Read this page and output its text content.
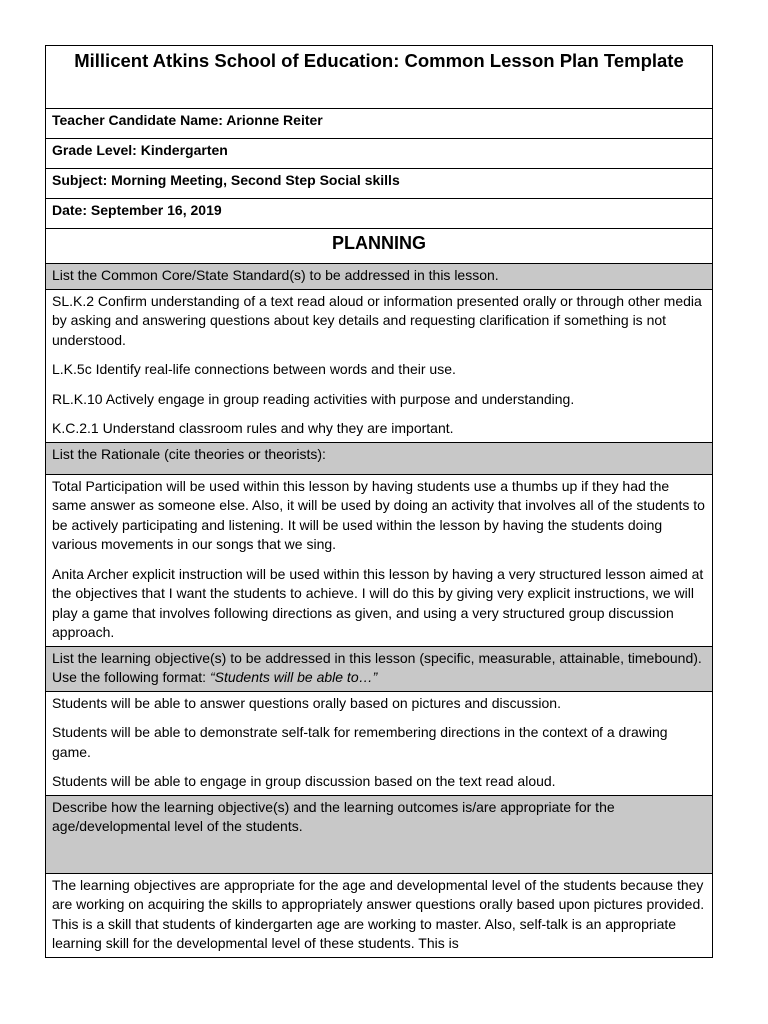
Millicent Atkins School of Education: Common Lesson Plan Template
Teacher Candidate Name: Arionne Reiter
Grade Level: Kindergarten
Subject: Morning Meeting, Second Step Social skills
Date: September 16, 2019
PLANNING
List the Common Core/State Standard(s) to be addressed in this lesson.

SL.K.2 Confirm understanding of a text read aloud or information presented orally or through other media by asking and answering questions about key details and requesting clarification if something is not understood.

L.K.5c Identify real-life connections between words and their use.

RL.K.10 Actively engage in group reading activities with purpose and understanding.

K.C.2.1 Understand classroom rules and why they are important.

List the Rationale (cite theories or theorists):

Total Participation will be used within this lesson by having students use a thumbs up if they had the same answer as someone else. Also, it will be used by doing an activity that involves all of the students to be actively participating and listening. It will be used within the lesson by having the students doing various movements in our songs that we sing.

Anita Archer explicit instruction will be used within this lesson by having a very structured lesson aimed at the objectives that I want the students to achieve. I will do this by giving very explicit instructions, we will play a game that involves following directions as given, and using a very structured group discussion approach.

List the learning objective(s) to be addressed in this lesson (specific, measurable, attainable, timebound). Use the following format: “Students will be able to…”

Students will be able to answer questions orally based on pictures and discussion.

Students will be able to demonstrate self-talk for remembering directions in the context of a drawing game.

Students will be able to engage in group discussion based on the text read aloud.

Describe how the learning objective(s) and the learning outcomes is/are appropriate for the age/developmental level of the students.
The learning objectives are appropriate for the age and developmental level of the students because they are working on acquiring the skills to appropriately answer questions orally based upon pictures provided. This is a skill that students of kindergarten age are working to master. Also, self-talk is an appropriate learning skill for the developmental level of these students. This is
